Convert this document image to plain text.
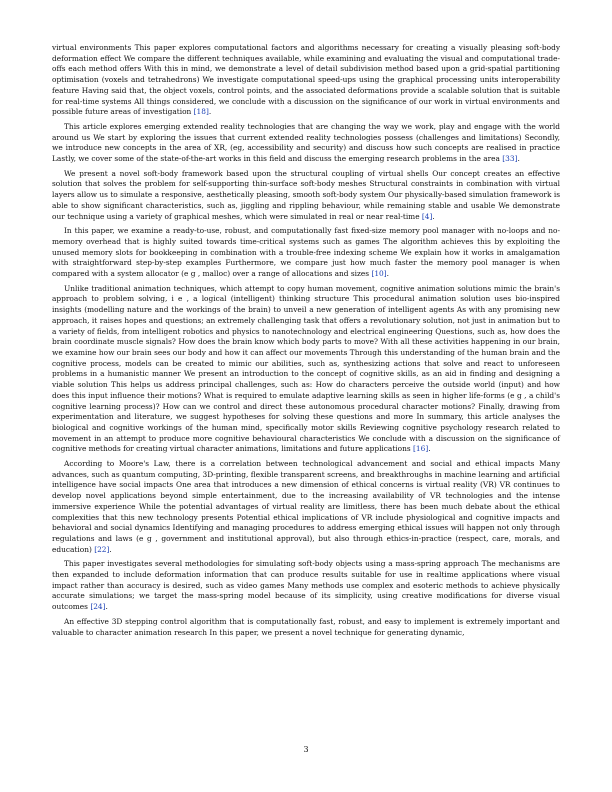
virtual environments This paper explores computational factors and algorithms necessary for creating a visually pleasing soft-body deformation effect We compare the different techniques available, while examining and evaluating the visual and computational trade-offs each method offers With this in mind, we demonstrate a level of detail subdivision method based upon a grid-spatial partitioning optimisation (voxels and tetrahedrons) We investigate computational speed-ups using the graphical processing units interoperability feature Having said that, the object voxels, control points, and the associated deformations provide a scalable solution that is suitable for real-time systems All things considered, we conclude with a discussion on the significance of our work in virtual environments and possible future areas of investigation [18].

This article explores emerging extended reality technologies that are changing the way we work, play and engage with the world around us We start by exploring the issues that current extended reality technologies possess (challenges and limitations) Secondly, we introduce new concepts in the area of XR, (eg, accessibility and security) and discuss how such concepts are realised in practice Lastly, we cover some of the state-of-the-art works in this field and discuss the emerging research problems in the area [33].

We present a novel soft-body framework based upon the structural coupling of virtual shells Our concept creates an effective solution that solves the problem for self-supporting thin-surface soft-body meshes Structural constraints in combination with virtual layers allow us to simulate a responsive, aesthetically pleasing, smooth soft-body system Our physically-based simulation framework is able to show significant characteristics, such as, jiggling and rippling behaviour, while remaining stable and usable We demonstrate our technique using a variety of graphical meshes, which were simulated in real or near real-time [4].

In this paper, we examine a ready-to-use, robust, and computationally fast fixed-size memory pool manager with no-loops and no-memory overhead that is highly suited towards time-critical systems such as games The algorithm achieves this by exploiting the unused memory slots for bookkeeping in combination with a trouble-free indexing scheme We explain how it works in amalgamation with straightforward step-by-step examples Furthermore, we compare just how much faster the memory pool manager is when compared with a system allocator (e g , malloc) over a range of allocations and sizes [10].

Unlike traditional animation techniques, which attempt to copy human movement, cognitive animation solutions mimic the brain's approach to problem solving, i e , a logical (intelligent) thinking structure This procedural animation solution uses bio-inspired insights (modelling nature and the workings of the brain) to unveil a new generation of intelligent agents As with any promising new approach, it raises hopes and questions; an extremely challenging task that offers a revolutionary solution, not just in animation but to a variety of fields, from intelligent robotics and physics to nanotechnology and electrical engineering Questions, such as, how does the brain coordinate muscle signals? How does the brain know which body parts to move? With all these activities happening in our brain, we examine how our brain sees our body and how it can affect our movements Through this understanding of the human brain and the cognitive process, models can be created to mimic our abilities, such as, synthesizing actions that solve and react to unforeseen problems in a humanistic manner We present an introduction to the concept of cognitive skills, as an aid in finding and designing a viable solution This helps us address principal challenges, such as: How do characters perceive the outside world (input) and how does this input influence their motions? What is required to emulate adaptive learning skills as seen in higher life-forms (e g , a child's cognitive learning process)? How can we control and direct these autonomous procedural character motions? Finally, drawing from experimentation and literature, we suggest hypotheses for solving these questions and more In summary, this article analyses the biological and cognitive workings of the human mind, specifically motor skills Reviewing cognitive psychology research related to movement in an attempt to produce more cognitive behavioural characteristics We conclude with a discussion on the significance of cognitive methods for creating virtual character animations, limitations and future applications [16].

According to Moore's Law, there is a correlation between technological advancement and social and ethical impacts Many advances, such as quantum computing, 3D-printing, flexible transparent screens, and breakthroughs in machine learning and artificial intelligence have social impacts One area that introduces a new dimension of ethical concerns is virtual reality (VR) VR continues to develop novel applications beyond simple entertainment, due to the increasing availability of VR technologies and the intense immersive experience While the potential advantages of virtual reality are limitless, there has been much debate about the ethical complexities that this new technology presents Potential ethical implications of VR include physiological and cognitive impacts and behavioral and social dynamics Identifying and managing procedures to address emerging ethical issues will happen not only through regulations and laws (e g , government and institutional approval), but also through ethics-in-practice (respect, care, morals, and education) [22].

This paper investigates several methodologies for simulating soft-body objects using a mass-spring approach The mechanisms are then expanded to include deformation information that can produce results suitable for use in realtime applications where visual impact rather than accuracy is desired, such as video games Many methods use complex and esoteric methods to achieve physically accurate simulations; we target the mass-spring model because of its simplicity, using creative modifications for diverse visual outcomes [24].

An effective 3D stepping control algorithm that is computationally fast, robust, and easy to implement is extremely important and valuable to character animation research In this paper, we present a novel technique for generating dynamic,

3
